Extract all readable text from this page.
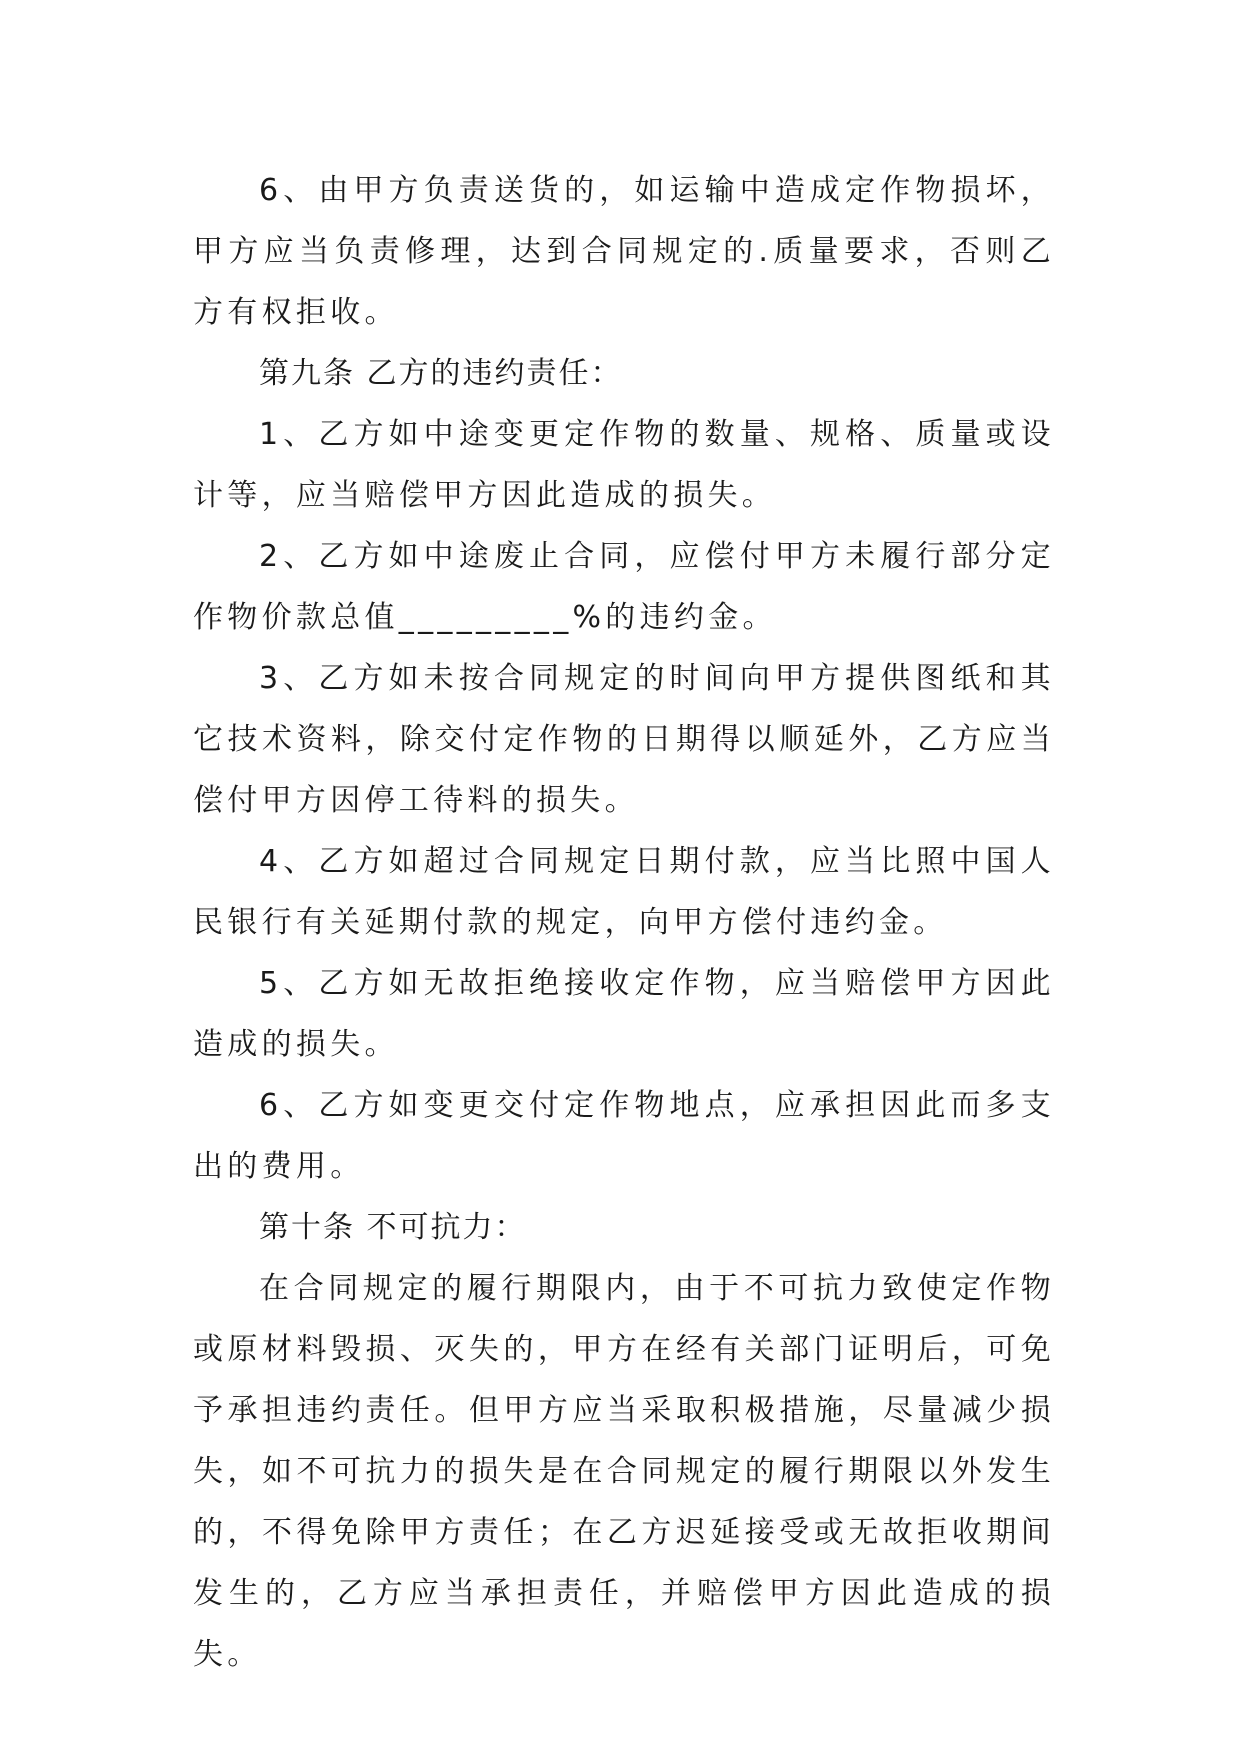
6、由甲方负责送货的，如运输中造成定作物损坏，甲方应当负责修理，达到合同规定的.质量要求，否则乙方有权拒收。

第九条 乙方的违约责任：

1、乙方如中途变更定作物的数量、规格、质量或设计等，应当赔偿甲方因此造成的损失。

2、乙方如中途废止合同，应偿付甲方未履行部分定作物价款总值_________%的违约金。

3、乙方如未按合同规定的时间向甲方提供图纸和其它技术资料，除交付定作物的日期得以顺延外，乙方应当偿付甲方因停工待料的损失。

4、乙方如超过合同规定日期付款，应当比照中国人民银行有关延期付款的规定，向甲方偿付违约金。

5、乙方如无故拒绝接收定作物，应当赔偿甲方因此造成的损失。

6、乙方如变更交付定作物地点，应承担因此而多支出的费用。

第十条 不可抗力：

在合同规定的履行期限内，由于不可抗力致使定作物或原材料毁损、灭失的，甲方在经有关部门证明后，可免予承担违约责任。但甲方应当采取积极措施，尽量减少损失，如不可抗力的损失是在合同规定的履行期限以外发生的，不得免除甲方责任；在乙方迟延接受或无故拒收期间发生的，乙方应当承担责任，并赔偿甲方因此造成的损失。
